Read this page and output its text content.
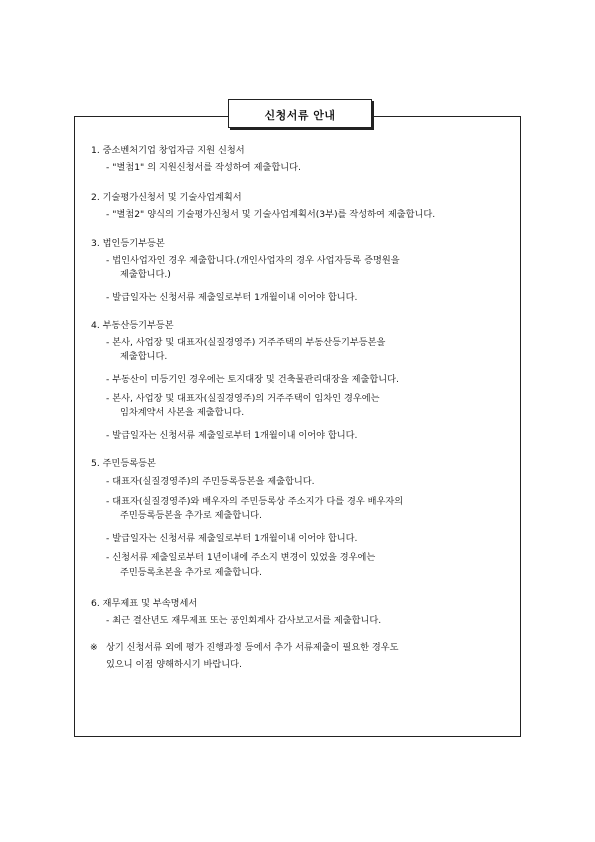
신청서류 안내
1. 중소벤처기업 창업자금 지원 신청서
- "별첨1" 의 지원신청서를 작성하여 제출합니다.
2. 기술평가신청서 및 기술사업계획서
- "별첨2" 양식의 기술평가신청서 및 기술사업계획서(3부)를 작성하여 제출합니다.
3. 법인등기부등본
- 법인사업자인 경우 제출합니다.(개인사업자의 경우 사업자등록 증명원을
제출합니다.)
- 발급일자는 신청서류 제출일로부터 1개월이내 이어야 합니다.
4. 부동산등기부등본
- 본사, 사업장 및 대표자(실질경영주) 거주주택의 부동산등기부등본을
제출합니다.
- 부동산이 미등기인 경우에는 토지대장 및 건축물관리대장을 제출합니다.
- 본사, 사업장 및 대표자(실질경영주)의 거주주택이 임차인 경우에는
임차계약서 사본을 제출합니다.
- 발급일자는 신청서류 제출일로부터 1개월이내 이어야 합니다.
5. 주민등록등본
- 대표자(실질경영주)의 주민등록등본을 제출합니다.
- 대표자(실질경영주)와 배우자의 주민등록상 주소지가 다를 경우 배우자의
주민등록등본을 추가로 제출합니다.
- 발급일자는 신청서류 제출일로부터 1개월이내 이어야 합니다.
- 신청서류 제출일로부터 1년이내에 주소지 변경이 있었을 경우에는
주민등록초본을 추가로 제출합니다.
6. 재무제표 및 부속명세서
- 최근 결산년도 재무제표 또는 공인회계사 감사보고서를 제출합니다.
※ 상기 신청서류 외에 평가 진행과정 등에서 추가 서류제출이 필요한 경우도
있으니 이점 양해하시기 바랍니다.
